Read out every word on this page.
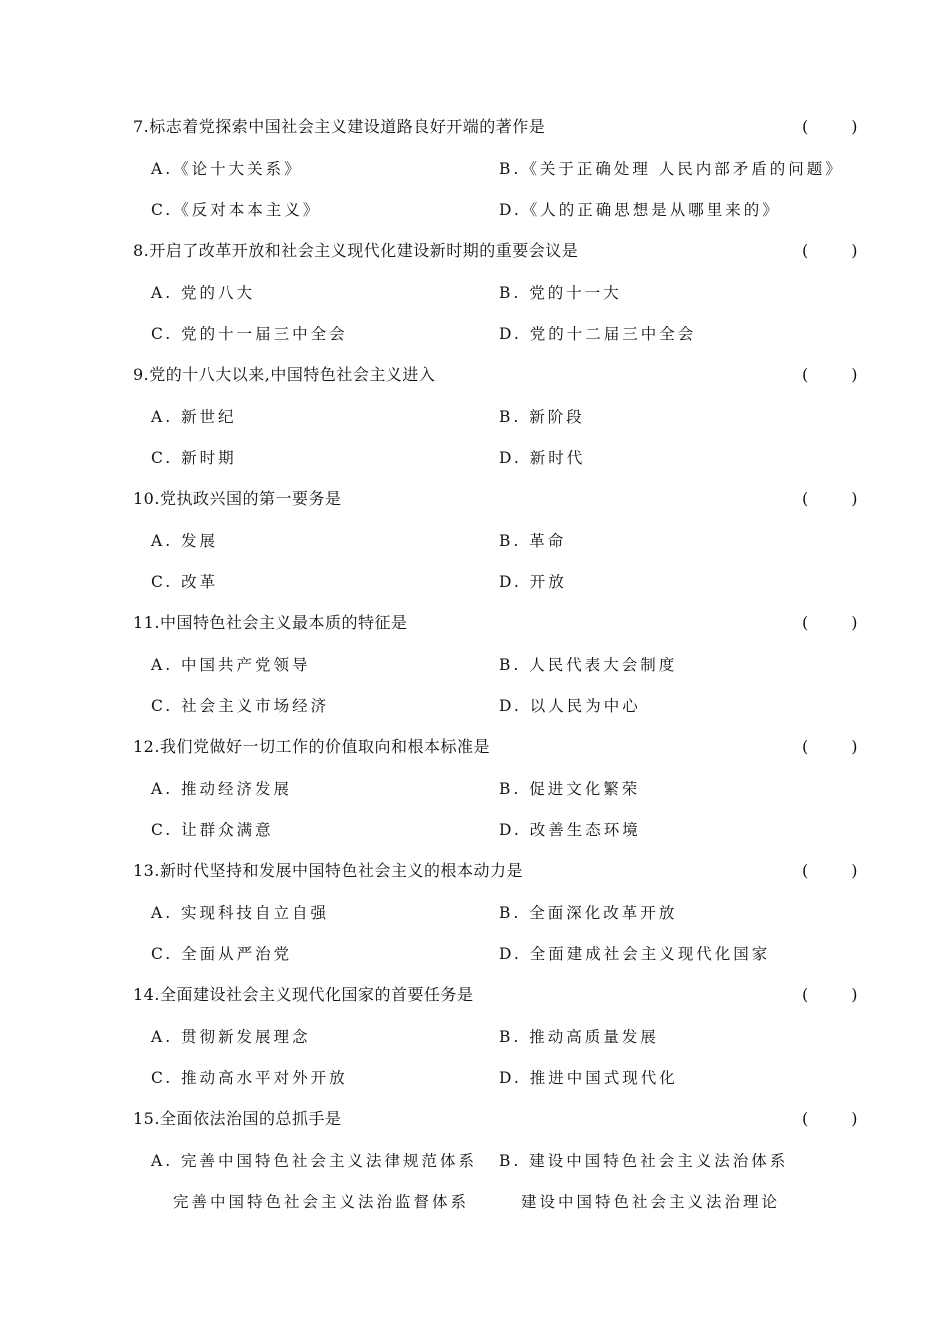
7.标志着党探索中国社会主义建设道路良好开端的著作是	(	)
A.《论十大关系》	B.《关于正确处理 人民内部矛盾的问题》
C.《反对本本主义》	D.《人的正确思想是从哪里来的》
8.开启了改革开放和社会主义现代化建设新时期的重要会议是	(	)
A. 党的八大	B. 党的十一大
C. 党的十一届三中全会	D. 党的十二届三中全会
9.党的十八大以来,中国特色社会主义进入	(	)
A. 新世纪	B. 新阶段
C. 新时期	D. 新时代
10.党执政兴国的第一要务是	(	)
A. 发展	B. 革命
C. 改革	D. 开放
11.中国特色社会主义最本质的特征是	(	)
A. 中国共产党领导	B. 人民代表大会制度
C. 社会主义市场经济	D. 以人民为中心
12.我们党做好一切工作的价值取向和根本标准是	(	)
A. 推动经济发展	B. 促进文化繁荣
C. 让群众满意	D. 改善生态环境
13.新时代坚持和发展中国特色社会主义的根本动力是	(	)
A. 实现科技自立自强	B. 全面深化改革开放
C. 全面从严治党	D. 全面建成社会主义现代化国家
14.全面建设社会主义现代化国家的首要任务是	(	)
A. 贯彻新发展理念	B. 推动高质量发展
C. 推动高水平对外开放	D. 推进中国式现代化
15.全面依法治国的总抓手是	(	)
A. 完善中国特色社会主义法律规范体系 B. 建设中国特色社会主义法治体系
完善中国特色社会主义法治监督体系	建设中国特色社会主义法治理论
